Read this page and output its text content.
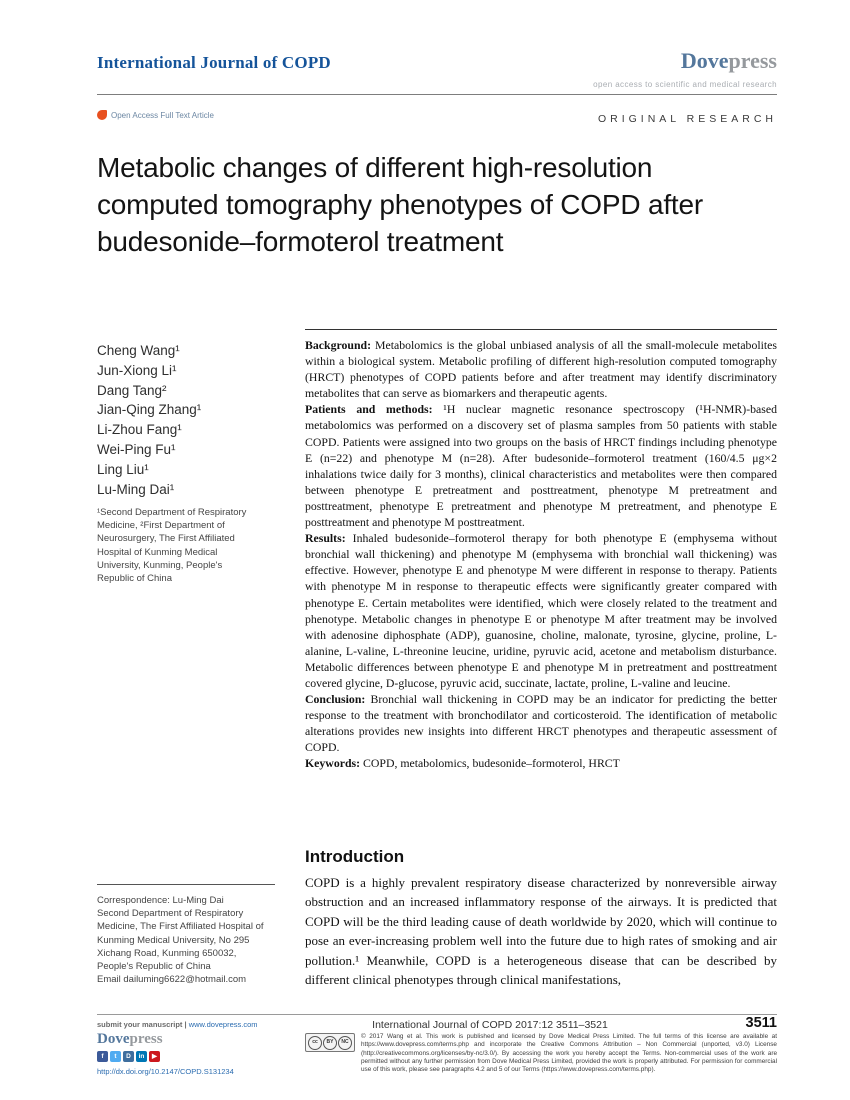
International Journal of COPD	Dovepress
open access to scientific and medical research
Open Access Full Text Article	ORIGINAL RESEARCH
Metabolic changes of different high-resolution computed tomography phenotypes of COPD after budesonide–formoterol treatment
Cheng Wang¹
Jun-Xiong Li¹
Dang Tang²
Jian-Qing Zhang¹
Li-Zhou Fang¹
Wei-Ping Fu¹
Ling Liu¹
Lu-Ming Dai¹
¹Second Department of Respiratory Medicine, ²First Department of Neurosurgery, The First Affiliated Hospital of Kunming Medical University, Kunming, People's Republic of China
Correspondence: Lu-Ming Dai
Second Department of Respiratory Medicine, The First Affiliated Hospital of Kunming Medical University, No 295 Xichang Road, Kunming 650032, People's Republic of China
Email dailuming6622@hotmail.com

Background: Metabolomics is the global unbiased analysis of all the small-molecule metabolites within a biological system. Metabolic profiling of different high-resolution computed tomography (HRCT) phenotypes of COPD patients before and after treatment may identify discriminatory metabolites that can serve as biomarkers and therapeutic agents.

Patients and methods: ¹H nuclear magnetic resonance spectroscopy (¹H-NMR)-based metabolomics was performed on a discovery set of plasma samples from 50 patients with stable COPD. Patients were assigned into two groups on the basis of HRCT findings including phenotype E (n=22) and phenotype M (n=28). After budesonide–formoterol treatment (160/4.5 μg×2 inhalations twice daily for 3 months), clinical characteristics and metabolites were then compared between phenotype E pretreatment and posttreatment, phenotype M pretreatment and posttreatment, phenotype E pretreatment and phenotype M pretreatment, and phenotype E posttreatment and phenotype M posttreatment.

Results: Inhaled budesonide–formoterol therapy for both phenotype E (emphysema without bronchial wall thickening) and phenotype M (emphysema with bronchial wall thickening) was effective. However, phenotype E and phenotype M were different in response to therapy. Patients with phenotype M in response to therapeutic effects were significantly greater compared with phenotype E. Certain metabolites were identified, which were closely related to the treatment and phenotype. Metabolic changes in phenotype E or phenotype M after treatment may be involved with adenosine diphosphate (ADP), guanosine, choline, malonate, tyrosine, glycine, proline, L-alanine, L-valine, L-threonine leucine, uridine, pyruvic acid, acetone and metabolism disturbance. Metabolic differences between phenotype E and phenotype M in pretreatment and posttreatment covered glycine, D-glucose, pyruvic acid, succinate, lactate, proline, L-valine and leucine.

Conclusion: Bronchial wall thickening in COPD may be an indicator for predicting the better response to the treatment with bronchodilator and corticosteroid. The identification of metabolic alterations provides new insights into different HRCT phenotypes and therapeutic assessment of COPD.

Keywords: COPD, metabolomics, budesonide–formoterol, HRCT

Introduction
COPD is a highly prevalent respiratory disease characterized by nonreversible airway obstruction and an increased inflammatory response of the airways. It is predicted that COPD will be the third leading cause of death worldwide by 2020, which will continue to pose an ever-increasing problem well into the future due to high rates of smoking and air pollution.¹ Meanwhile, COPD is a heterogeneous disease that can be described by different clinical phenotypes through clinical manifestations,
submit your manuscript | www.dovepress.com
Dovepress
f	t	D	in	▶
http://dx.doi.org/10.2147/COPD.S131234
International Journal of COPD 2017:12 3511–3521	3511
cc	BY	NC
© 2017 Wang et al. This work is published and licensed by Dove Medical Press Limited. The full terms of this license are available at https://www.dovepress.com/terms.php and incorporate the Creative Commons Attribution – Non Commercial (unported, v3.0) License (http://creativecommons.org/licenses/by-nc/3.0/). By accessing the work you hereby accept the Terms. Non-commercial uses of the work are permitted without any further permission from Dove Medical Press Limited, provided the work is properly attributed. For permission for commercial use of this work, please see paragraphs 4.2 and 5 of our Terms (https://www.dovepress.com/terms.php).
